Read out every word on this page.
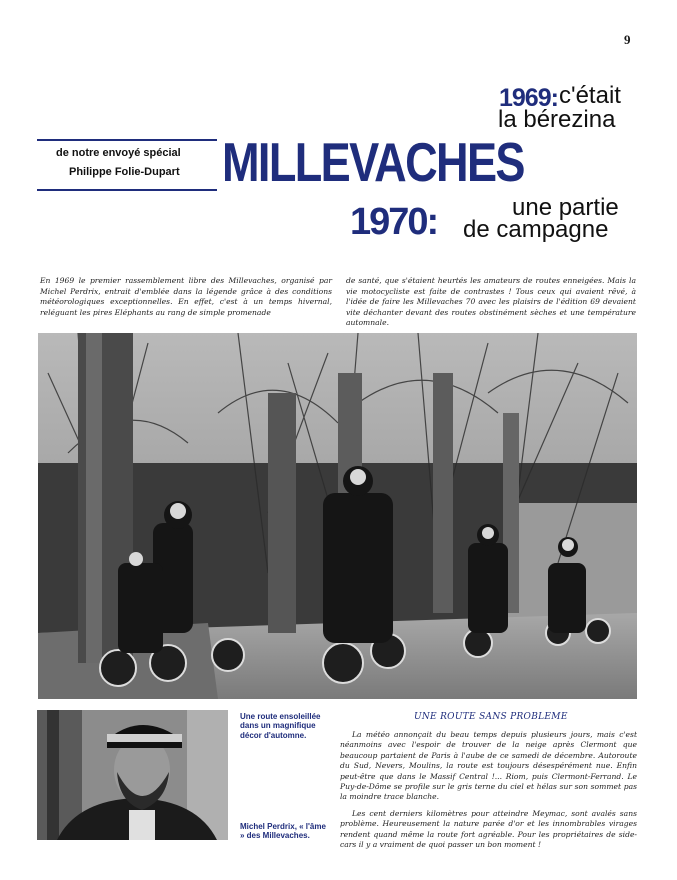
9
1969: c'était
la bérezina
MILLEVACHES
1970:	une partie
de campagne
de notre envoyé spécial
Philippe Folie-Dupart

En 1969 le premier rassemblement libre des Millevaches, organisé par Michel Perdrix, entrait d'emblée dans la légende grâce à des conditions météorologiques exceptionnelles. En effet, c'est à un temps hivernal, reléguant les pires Eléphants au rang de simple promenade

de santé, que s'étaient heurtés les amateurs de routes enneigées. Mais la vie motocycliste est faite de contrastes ! Tous ceux qui avaient rêvé, à l'idée de faire les Millevaches 70 avec les plaisirs de l'édition 69 devaient vite déchanter devant des routes obstinément sèches et une température automnale.

Une route ensoleillée dans un magnifique décor d'automne.
Michel Perdrix, « l'âme » des Millevaches.
UNE ROUTE SANS PROBLEME

La météo annonçait du beau temps depuis plusieurs jours, mais c'est néanmoins avec l'espoir de trouver de la neige après Clermont que beaucoup partaient de Paris à l'aube de ce samedi de décembre. Autoroute du Sud, Nevers, Moulins, la route est toujours désespérément nue. Enfin peut-être que dans le Massif Central !... Riom, puis Clermont-Ferrand. Le Puy-de-Dôme se profile sur le gris terne du ciel et hélas sur son sommet pas la moindre trace blanche.

Les cent derniers kilomètres pour atteindre Meymac, sont avalés sans problème. Heureusement la nature parée d'or et les innombrables virages rendent quand même la route fort agréable. Pour les propriétaires de side-cars il y a vraiment de quoi passer un bon moment !
